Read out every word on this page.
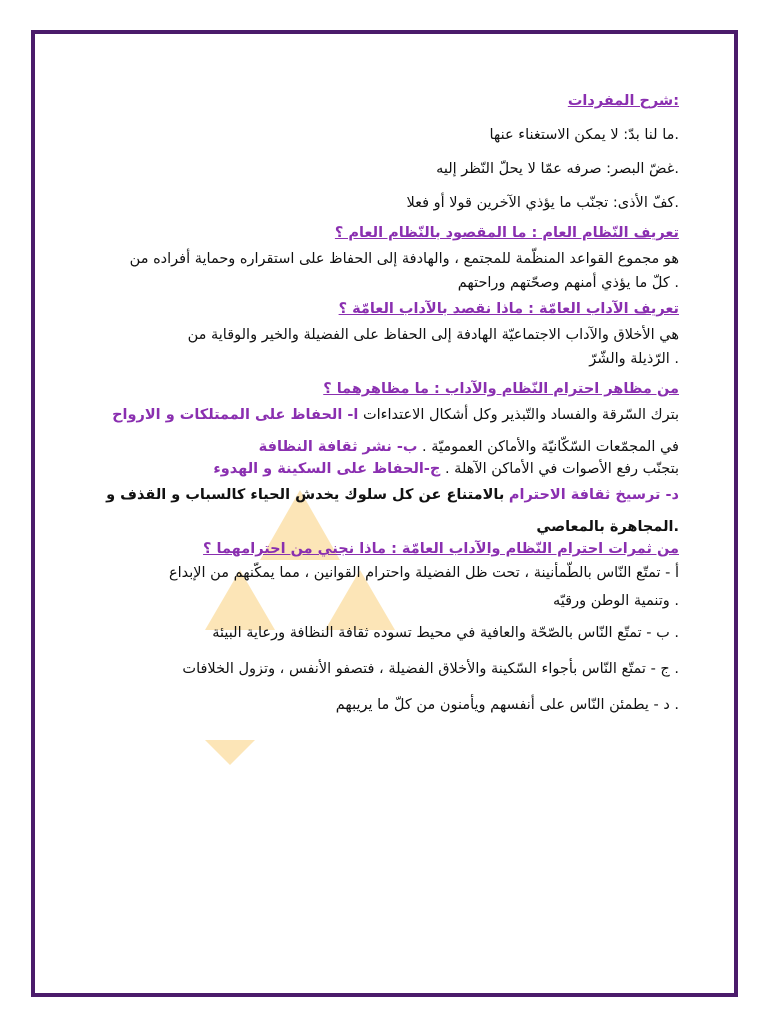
:شرح المفردات
.ما لنا بدّ: لا يمكن الاستغناء عنها
.غضّ البصر: صرفه عمّا لا يحلّ النّظر إليه
.كفّ الأذى: تجنّب ما يؤذي الآخرين قولا أو فعلا
تعريف النّظام العام : ما المقصود بالنّظام العام ؟
هو مجموع القواعد المنظّمة للمجتمع ، والهادفة إلى الحفاظ على استقراره وحماية أفراده من
. كلّ ما يؤذي أمنهم وصحّتهم وراحتهم
تعريف الآداب العامّة : ماذا نقصد بالآداب العامّة ؟
هي الأخلاق والآداب الاجتماعيّة الهادفة إلى الحفاظ على الفضيلة والخير والوقاية من
. الرّذيلة والشّرّ
من مظاهر احترام النّظام والآداب : ما مظاهرهما ؟
بترك السّرقة والفساد والتّبذير وكل أشكال الاعتداءات ا- الحفاظ على الممتلكات و الارواح
في المجمّعات السّكّانيّة والأماكن العموميّة . ب- نشر ثقافة النظافة
بتجنّب رفع الأصوات في الأماكن الآهلة . ج-الحفاظ على السكينة و الهدوء
د- ترسيخ ثقافة الاحترام بالامتناع عن كل سلوك يخدش الحياء كالسباب و القذف و
.المجاهرة بالمعاصي
من ثمرات احترام النّظام والآداب العامّة : ماذا نجني من احترامهما ؟
أ - تمتّع النّاس بالطّمأنينة ، تحت ظل الفضيلة واحترام القوانين ، مما يمكّنهم من الإبداع
. وتنمية الوطن ورقيّه
. ب - تمتّع النّاس بالصّحّة والعافية في محيط تسوده ثقافة النظافة ورعاية البيئة
. ج - تمتّع النّاس بأجواء السّكينة والأخلاق الفضيلة ، فتصفو الأنفس ، وتزول الخلافات
. د - يطمئن النّاس على أنفسهم ويأمنون من كلّ ما يريبهم
